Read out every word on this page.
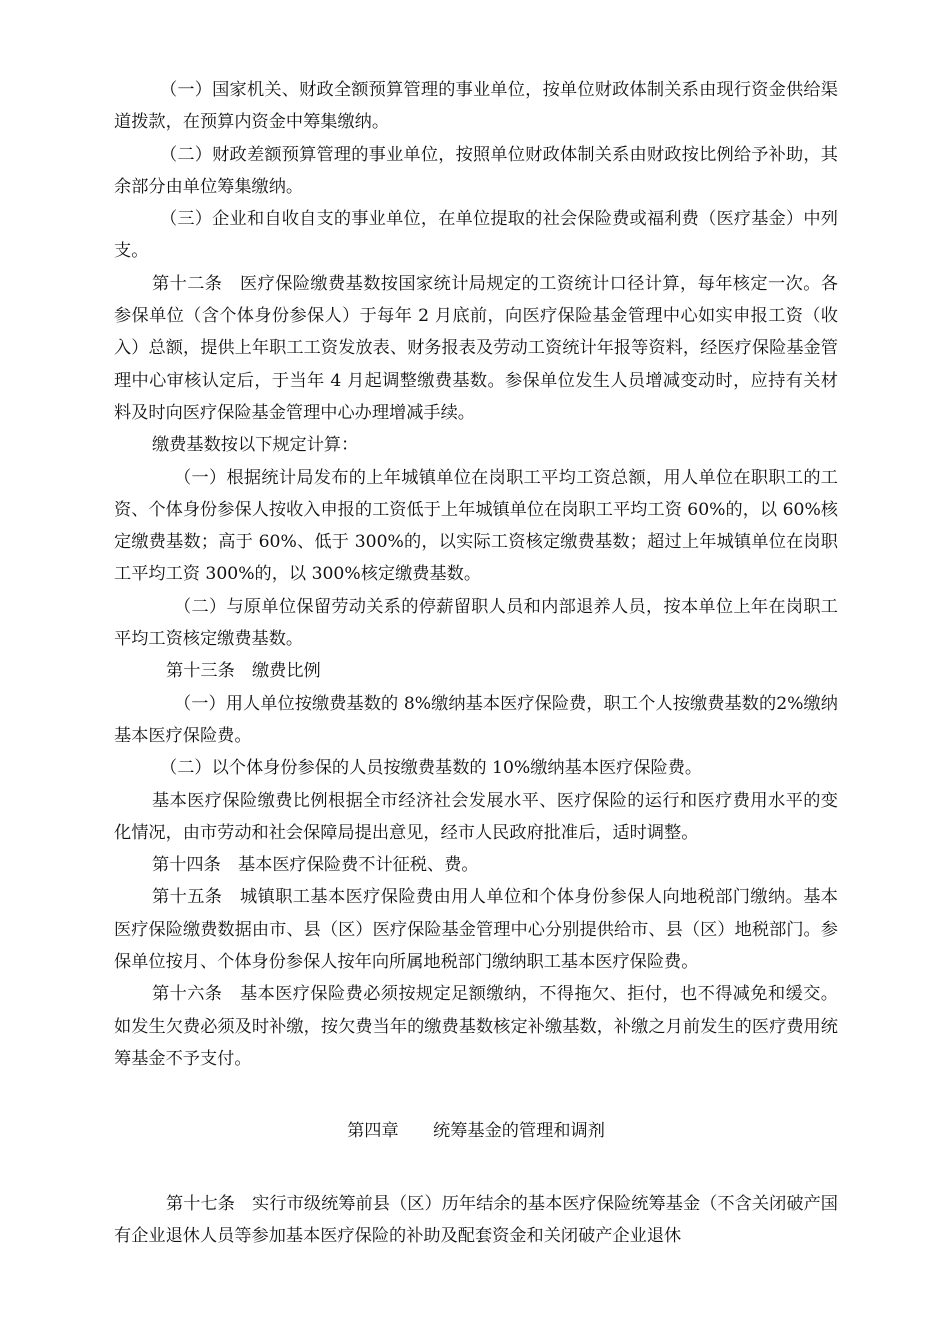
（一）国家机关、财政全额预算管理的事业单位，按单位财政体制关系由现行资金供给渠道拨款，在预算内资金中筹集缴纳。

（二）财政差额预算管理的事业单位，按照单位财政体制关系由财政按比例给予补助，其余部分由单位筹集缴纳。

（三）企业和自收自支的事业单位，在单位提取的社会保险费或福利费（医疗基金）中列支。

第十二条　医疗保险缴费基数按国家统计局规定的工资统计口径计算，每年核定一次。各参保单位（含个体身份参保人）于每年 2 月底前，向医疗保险基金管理中心如实申报工资（收入）总额，提供上年职工工资发放表、财务报表及劳动工资统计年报等资料，经医疗保险基金管理中心审核认定后，于当年 4 月起调整缴费基数。参保单位发生人员增减变动时，应持有关材料及时向医疗保险基金管理中心办理增减手续。

缴费基数按以下规定计算：

（一）根据统计局发布的上年城镇单位在岗职工平均工资总额，用人单位在职职工的工资、个体身份参保人按收入申报的工资低于上年城镇单位在岗职工平均工资 60%的，以 60%核定缴费基数；高于 60%、低于 300%的，以实际工资核定缴费基数；超过上年城镇单位在岗职工平均工资 300%的，以 300%核定缴费基数。

（二）与原单位保留劳动关系的停薪留职人员和内部退养人员，按本单位上年在岗职工平均工资核定缴费基数。

第十三条　缴费比例

（一）用人单位按缴费基数的 8%缴纳基本医疗保险费，职工个人按缴费基数的2%缴纳基本医疗保险费。

（二）以个体身份参保的人员按缴费基数的 10%缴纳基本医疗保险费。

基本医疗保险缴费比例根据全市经济社会发展水平、医疗保险的运行和医疗费用水平的变化情况，由市劳动和社会保障局提出意见，经市人民政府批准后，适时调整。

第十四条　基本医疗保险费不计征税、费。

第十五条　城镇职工基本医疗保险费由用人单位和个体身份参保人向地税部门缴纳。基本医疗保险缴费数据由市、县（区）医疗保险基金管理中心分别提供给市、县（区）地税部门。参保单位按月、个体身份参保人按年向所属地税部门缴纳职工基本医疗保险费。

第十六条　基本医疗保险费必须按规定足额缴纳，不得拖欠、拒付，也不得减免和缓交。如发生欠费必须及时补缴，按欠费当年的缴费基数核定补缴基数，补缴之月前发生的医疗费用统筹基金不予支付。

第四章　　统筹基金的管理和调剂

第十七条　实行市级统筹前县（区）历年结余的基本医疗保险统筹基金（不含关闭破产国有企业退休人员等参加基本医疗保险的补助及配套资金和关闭破产企业退休
